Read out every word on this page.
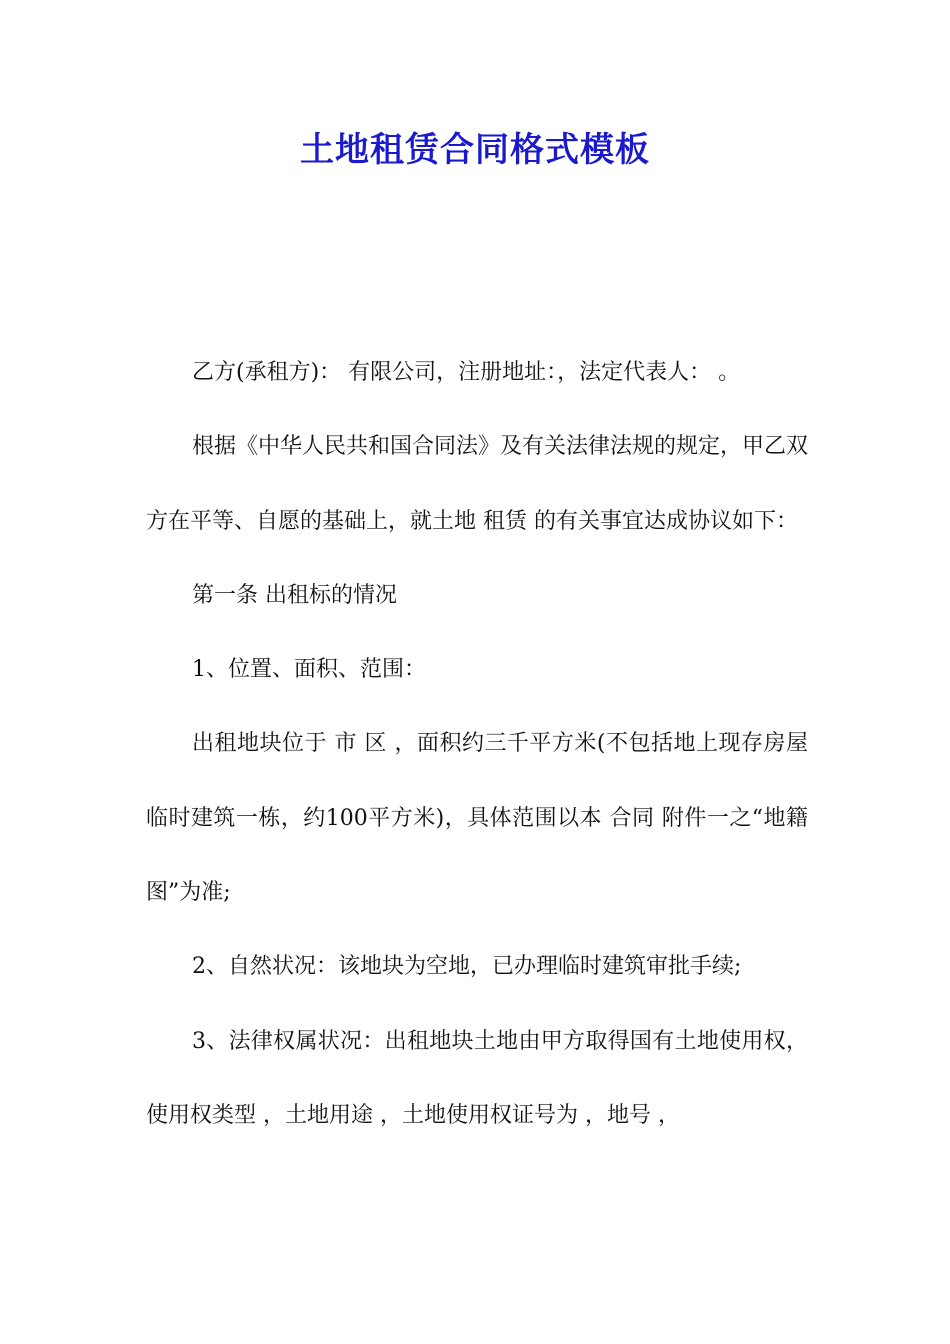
土地租赁合同格式模板

乙方(承租方)： 有限公司，注册地址：，法定代表人： 。

根据《中华人民共和国合同法》及有关法律法规的规定，甲乙双方在平等、自愿的基础上，就土地 租赁 的有关事宜达成协议如下：

第一条 出租标的情况

1、位置、面积、范围：

出租地块位于 市 区 ，面积约三千平方米(不包括地上现存房屋临时建筑一栋，约100平方米)，具体范围以本 合同 附件一之“地籍图”为准;

2、自然状况：该地块为空地，已办理临时建筑审批手续;

3、法律权属状况：出租地块土地由甲方取得国有土地使用权，使用权类型 ，土地用途 ，土地使用权证号为 ，地号 ，
